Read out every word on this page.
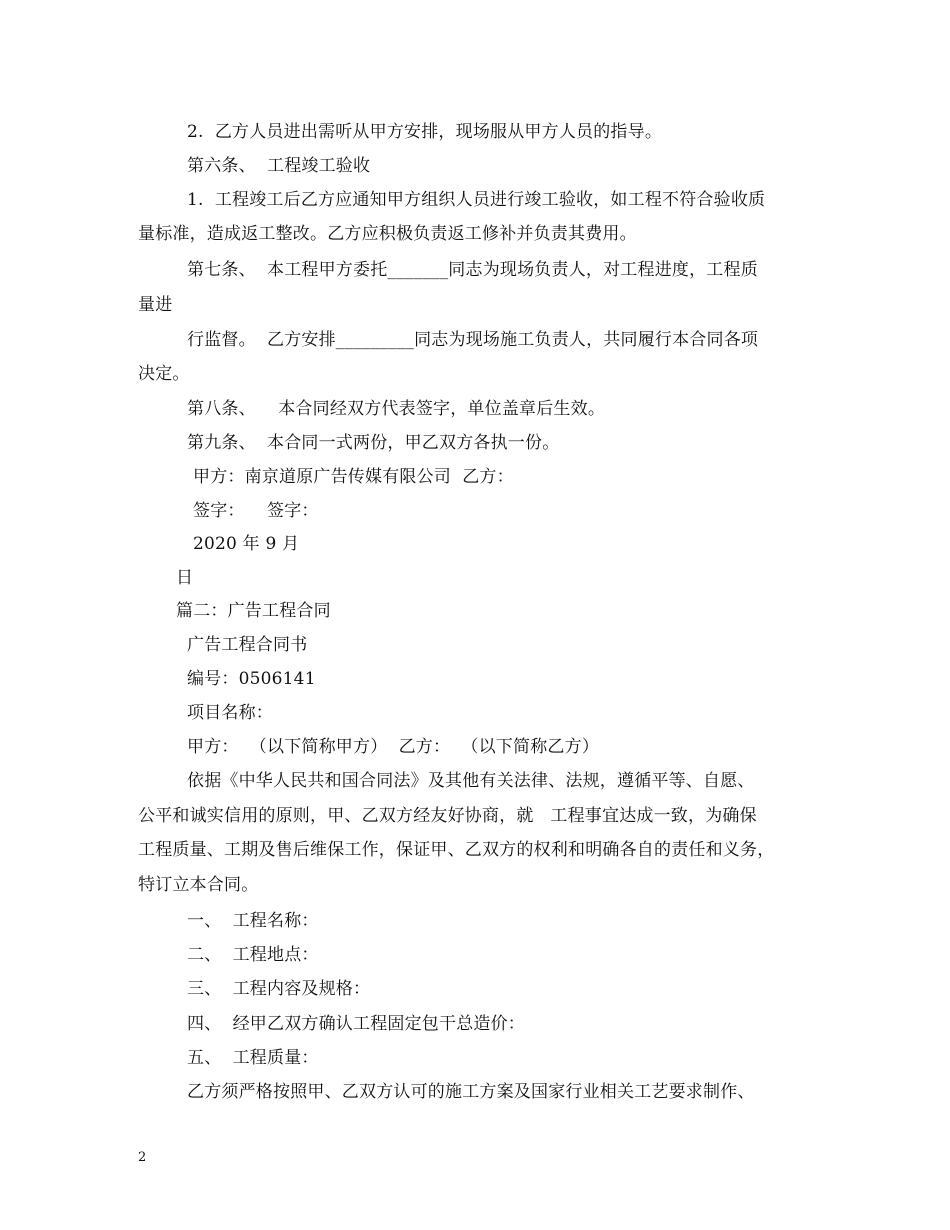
2.  乙方人员进出需听从甲方安排，现场服从甲方人员的指导。
第六条、  工程竣工验收
1.  工程竣工后乙方应通知甲方组织人员进行竣工验收，如工程不符合验收质
量标准，造成返工整改。乙方应积极负责返工修补并负责其费用。
第七条、  本工程甲方委托_______同志为现场负责人，对工程进度，工程质
量进
行监督。  乙方安排_________同志为现场施工负责人，共同履行本合同各项
决定。
第八条、    本合同经双方代表签字，单位盖章后生效。
第九条、  本合同一式两份，甲乙双方各执一份。
甲方：南京道原广告传媒有限公司  乙方：
签字：    签字：
2020 年 9 月
日
篇二：广告工程合同
广告工程合同书
编号：0506141
项目名称：
甲方：  （以下简称甲方）  乙方：  （以下简称乙方）
依据《中华人民共和国合同法》及其他有关法律、法规，遵循平等、自愿、
公平和诚实信用的原则，甲、乙双方经友好协商，就   工程事宜达成一致，为确保
工程质量、工期及售后维保工作，保证甲、乙双方的权利和明确各自的责任和义务，
特订立本合同。
一、  工程名称：
二、  工程地点：
三、  工程内容及规格：
四、  经甲乙双方确认工程固定包干总造价：
五、  工程质量：
乙方须严格按照甲、乙双方认可的施工方案及国家行业相关工艺要求制作、
2
